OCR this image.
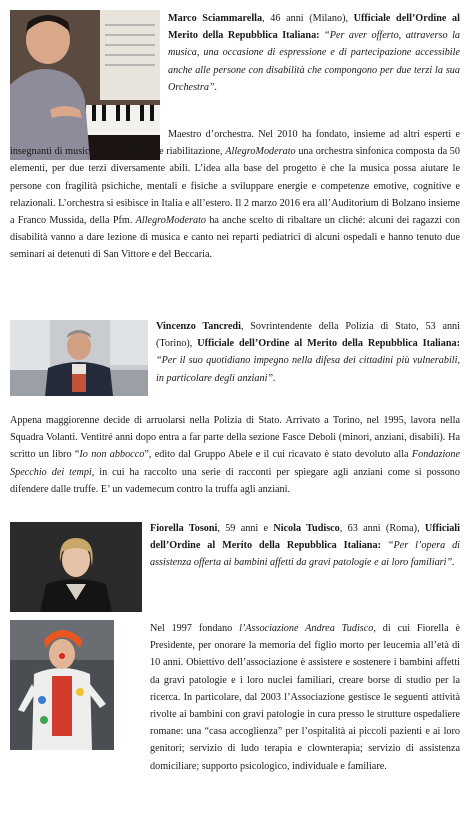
Marco Sciammarella, 46 anni (Milano), Ufficiale dell’Ordine al Merito della Repubblica Italiana: “Per aver offerto, attraverso la musica, una occasione di espressione e di partecipazione accessibile anche alle persone con disabilità che compongono per due terzi la sua Orchestra”.

Maestro d’orchestra. Nel 2010 ha fondato, insieme ad altri esperti e insegnanti di musica, musicoterapia e riabilitazione, AllegroModerato una orchestra sinfonica composta da 50 elementi, per due terzi diversamente abili. L’idea alla base del progetto è che la musica possa aiutare le persone con fragilità psichiche, mentali e fisiche a sviluppare energie e competenze emotive, cognitive e relazionali. L’orchestra si esibisce in Italia e all’estero. Il 2 marzo 2016 era all’Auditorium di Bolzano insieme a Franco Mussida, della Pfm. AllegroModerato ha anche scelto di ribaltare un cliché: alcuni dei ragazzi con disabilità vanno a dare lezione di musica e canto nei reparti pediatrici di alcuni ospedali e hanno tenuto due seminari ai detenuti di San Vittore e del Beccaria.

Vincenzo Tancredi, Sovrintendente della Polizia di Stato, 53 anni (Torino), Ufficiale dell’Ordine al Merito della Repubblica Italiana: “Per il suo quotidiano impegno nella difesa dei cittadini più vulnerabili, in particolare degli anziani”.

Appena maggiorenne decide di arruolarsi nella Polizia di Stato. Arrivato a Torino, nel 1995, lavora nella Squadra Volanti. Ventitré anni dopo entra a far parte della sezione Fasce Deboli (minori, anziani, disabili). Ha scritto un libro “Io non abbocco”, edito dal Gruppo Abele e il cui ricavato è stato devoluto alla Fondazione Specchio dei tempi, in cui ha raccolto una serie di racconti per spiegare agli anziani come si possono difendere dalle truffe. E’ un vademecum contro la truffa agli anziani.

Fiorella Tosoni, 59 anni e Nicola Tudisco, 63 anni (Roma), Ufficiali dell’Ordine al Merito della Repubblica Italiana: “Per l’opera di assistenza offerta ai bambini affetti da gravi patologie e ai loro familiari”.

Nel 1997 fondano l’Associazione Andrea Tudisco, di cui Fiorella è Presidente, per onorare la memoria del figlio morto per leucemia all’età di 10 anni. Obiettivo dell’associazione è assistere e sostenere i bambini affetti da gravi patologie e i loro nuclei familiari, creare borse di studio per la ricerca. In particolare, dal 2003 l’Associazione gestisce le seguenti attività rivolte ai bambini con gravi patologie in cura presso le strutture ospedaliere romane: una “casa accoglienza” per l’ospitalità ai piccoli pazienti e ai loro genitori; servizio di ludo terapia e clownterapia; servizio di assistenza domiciliare; supporto psicologico, individuale e familiare.
